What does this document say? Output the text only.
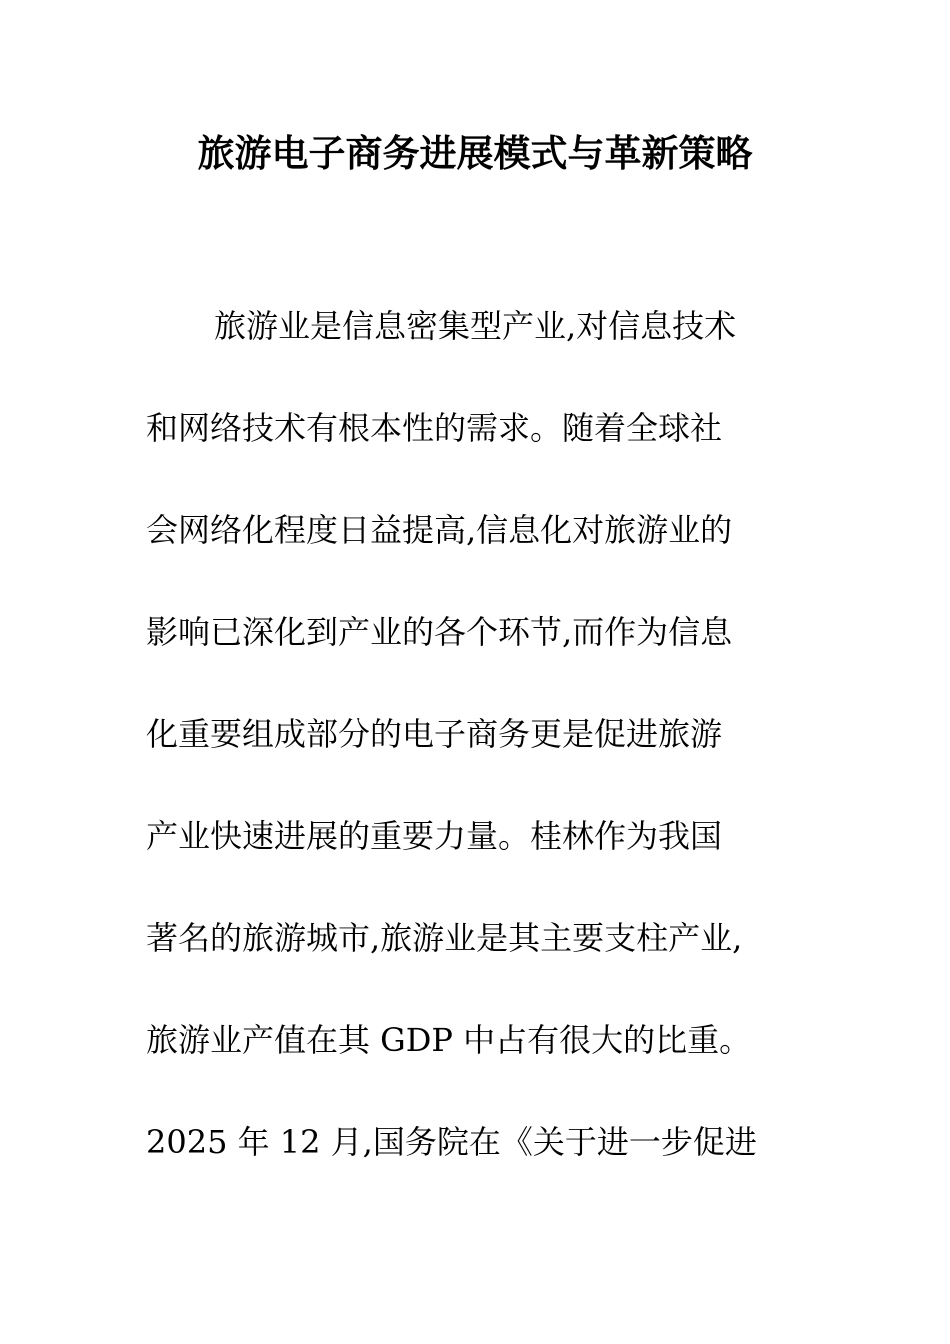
旅游电子商务进展模式与革新策略
旅游业是信息密集型产业,对信息技术
和网络技术有根本性的需求。随着全球社
会网络化程度日益提高,信息化对旅游业的
影响已深化到产业的各个环节,而作为信息
化重要组成部分的电子商务更是促进旅游
产业快速进展的重要力量。桂林作为我国
著名的旅游城市,旅游业是其主要支柱产业,
旅游业产值在其 GDP 中占有很大的比重。
2025 年 12 月,国务院在《关于进一步促进
